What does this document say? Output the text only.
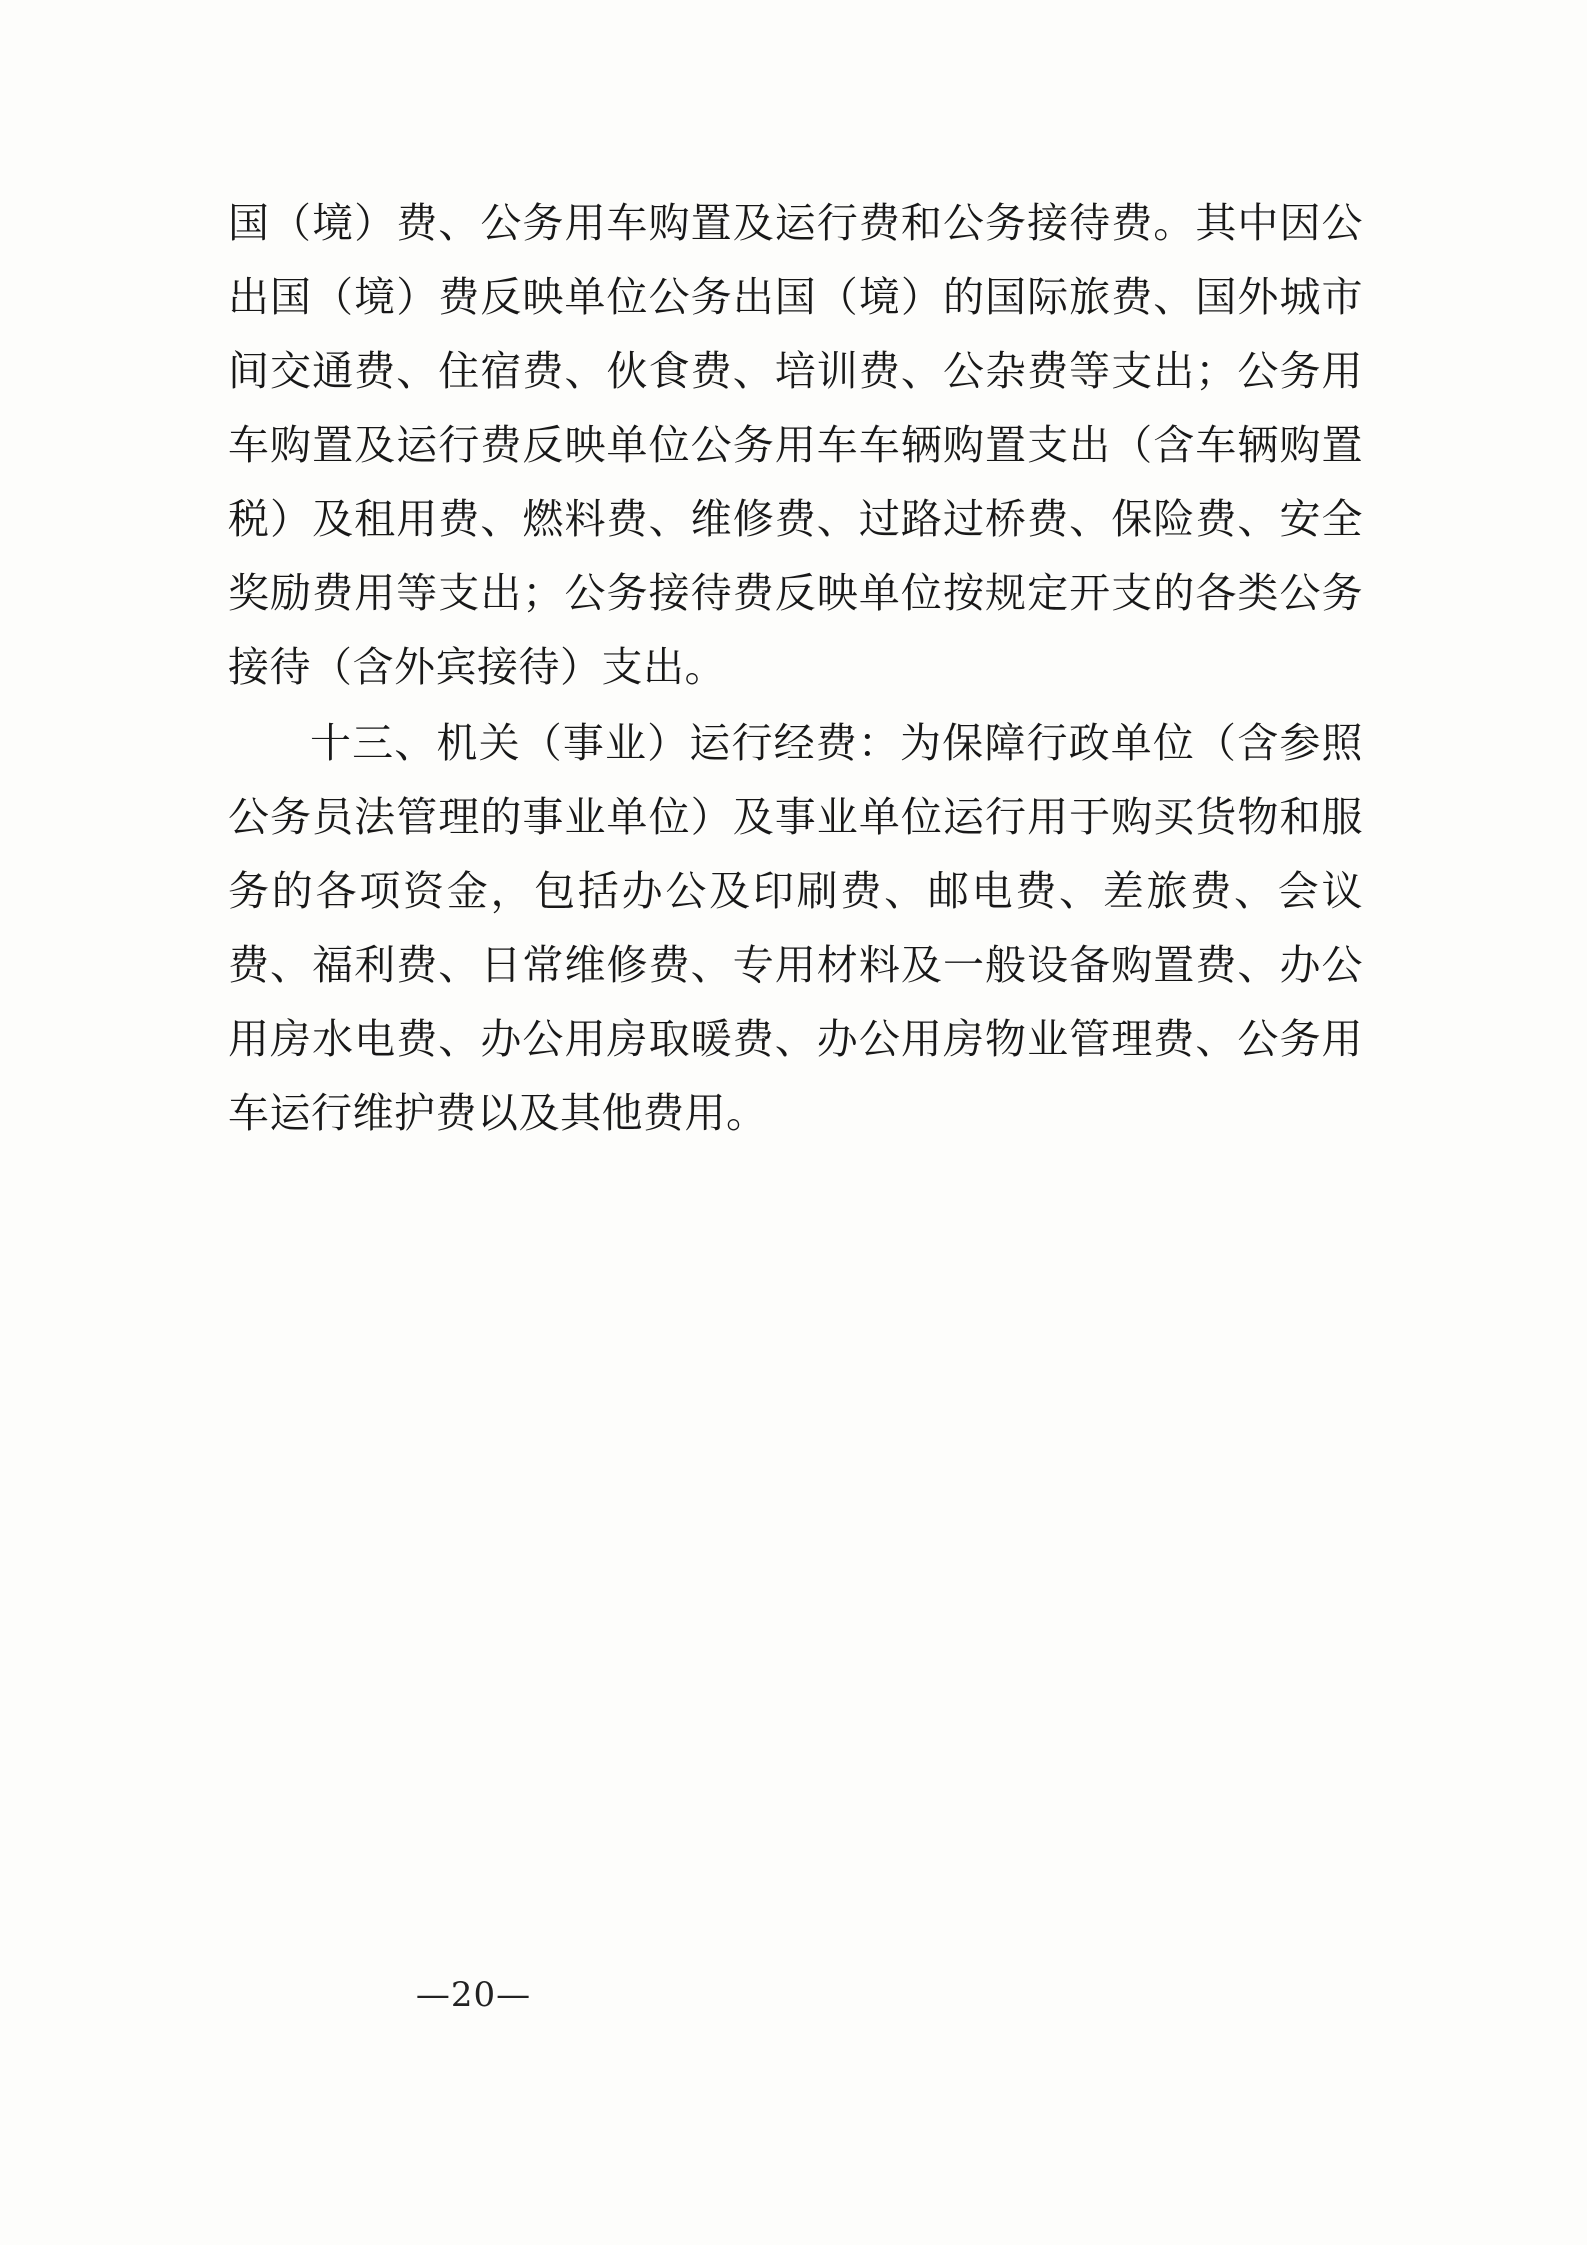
国（境）费、公务用车购置及运行费和公务接待费。其中因公出国（境）费反映单位公务出国（境）的国际旅费、国外城市间交通费、住宿费、伙食费、培训费、公杂费等支出；公务用车购置及运行费反映单位公务用车车辆购置支出（含车辆购置税）及租用费、燃料费、维修费、过路过桥费、保险费、安全奖励费用等支出；公务接待费反映单位按规定开支的各类公务接待（含外宾接待）支出。

十三、机关（事业）运行经费：为保障行政单位（含参照公务员法管理的事业单位）及事业单位运行用于购买货物和服务的各项资金，包括办公及印刷费、邮电费、差旅费、会议费、福利费、日常维修费、专用材料及一般设备购置费、办公用房水电费、办公用房取暖费、办公用房物业管理费、公务用车运行维护费以及其他费用。

—20—
